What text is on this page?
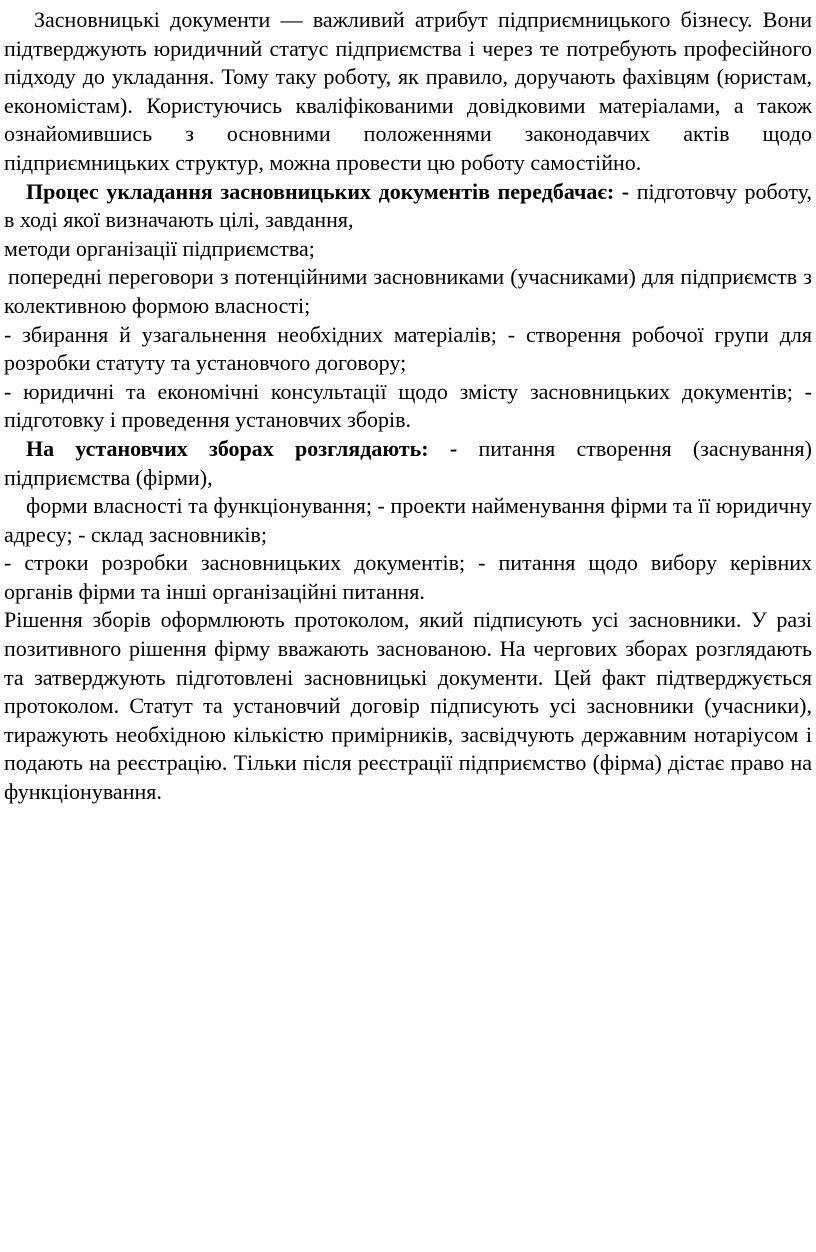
Засновницькі документи — важливий атрибут підприємницького бізнесу. Вони підтверджують юридичний статус підприємства і через те потребують професійного підходу до укладання. Тому таку роботу, як правило, доручають фахівцям (юристам, економістам). Користуючись кваліфікованими довідковими матеріалами, а також ознайомившись з основними положеннями законодавчих актів щодо підприємницьких структур, можна провести цю роботу самостійно.

Процес укладання засновницьких документів передбачає: - підготовчу роботу, в ході якої визначають цілі, завдання,

методи організації підприємства;

попередні переговори з потенційними засновниками (учасниками) для підприємств з колективною формою власності;

- збирання й узагальнення необхідних матеріалів; - створення робочої групи для розробки статуту та установчого договору;

- юридичні та економічні консультації щодо змісту засновницьких документів; - підготовку і проведення установчих зборів.

На установчих зборах розглядають: - питання створення (заснування) підприємства (фірми),

форми власності та функціонування; - проекти найменування фірми та її юридичну адресу; - склад засновників;

- строки розробки засновницьких документів; - питання щодо вибору керівних органів фірми та інші організаційні питання.

Рішення зборів оформлюють протоколом, який підписують усі засновники. У разі позитивного рішення фірму вважають заснованою. На чергових зборах розглядають та затверджують підготовлені засновницькі документи. Цей факт підтверджується протоколом. Статут та установчий договір підписують усі засновники (учасники), тиражують необхідною кількістю примірників, засвідчують державним нотаріусом і подають на реєстрацію. Тільки після реєстрації підприємство (фірма) дістає право на функціонування.
